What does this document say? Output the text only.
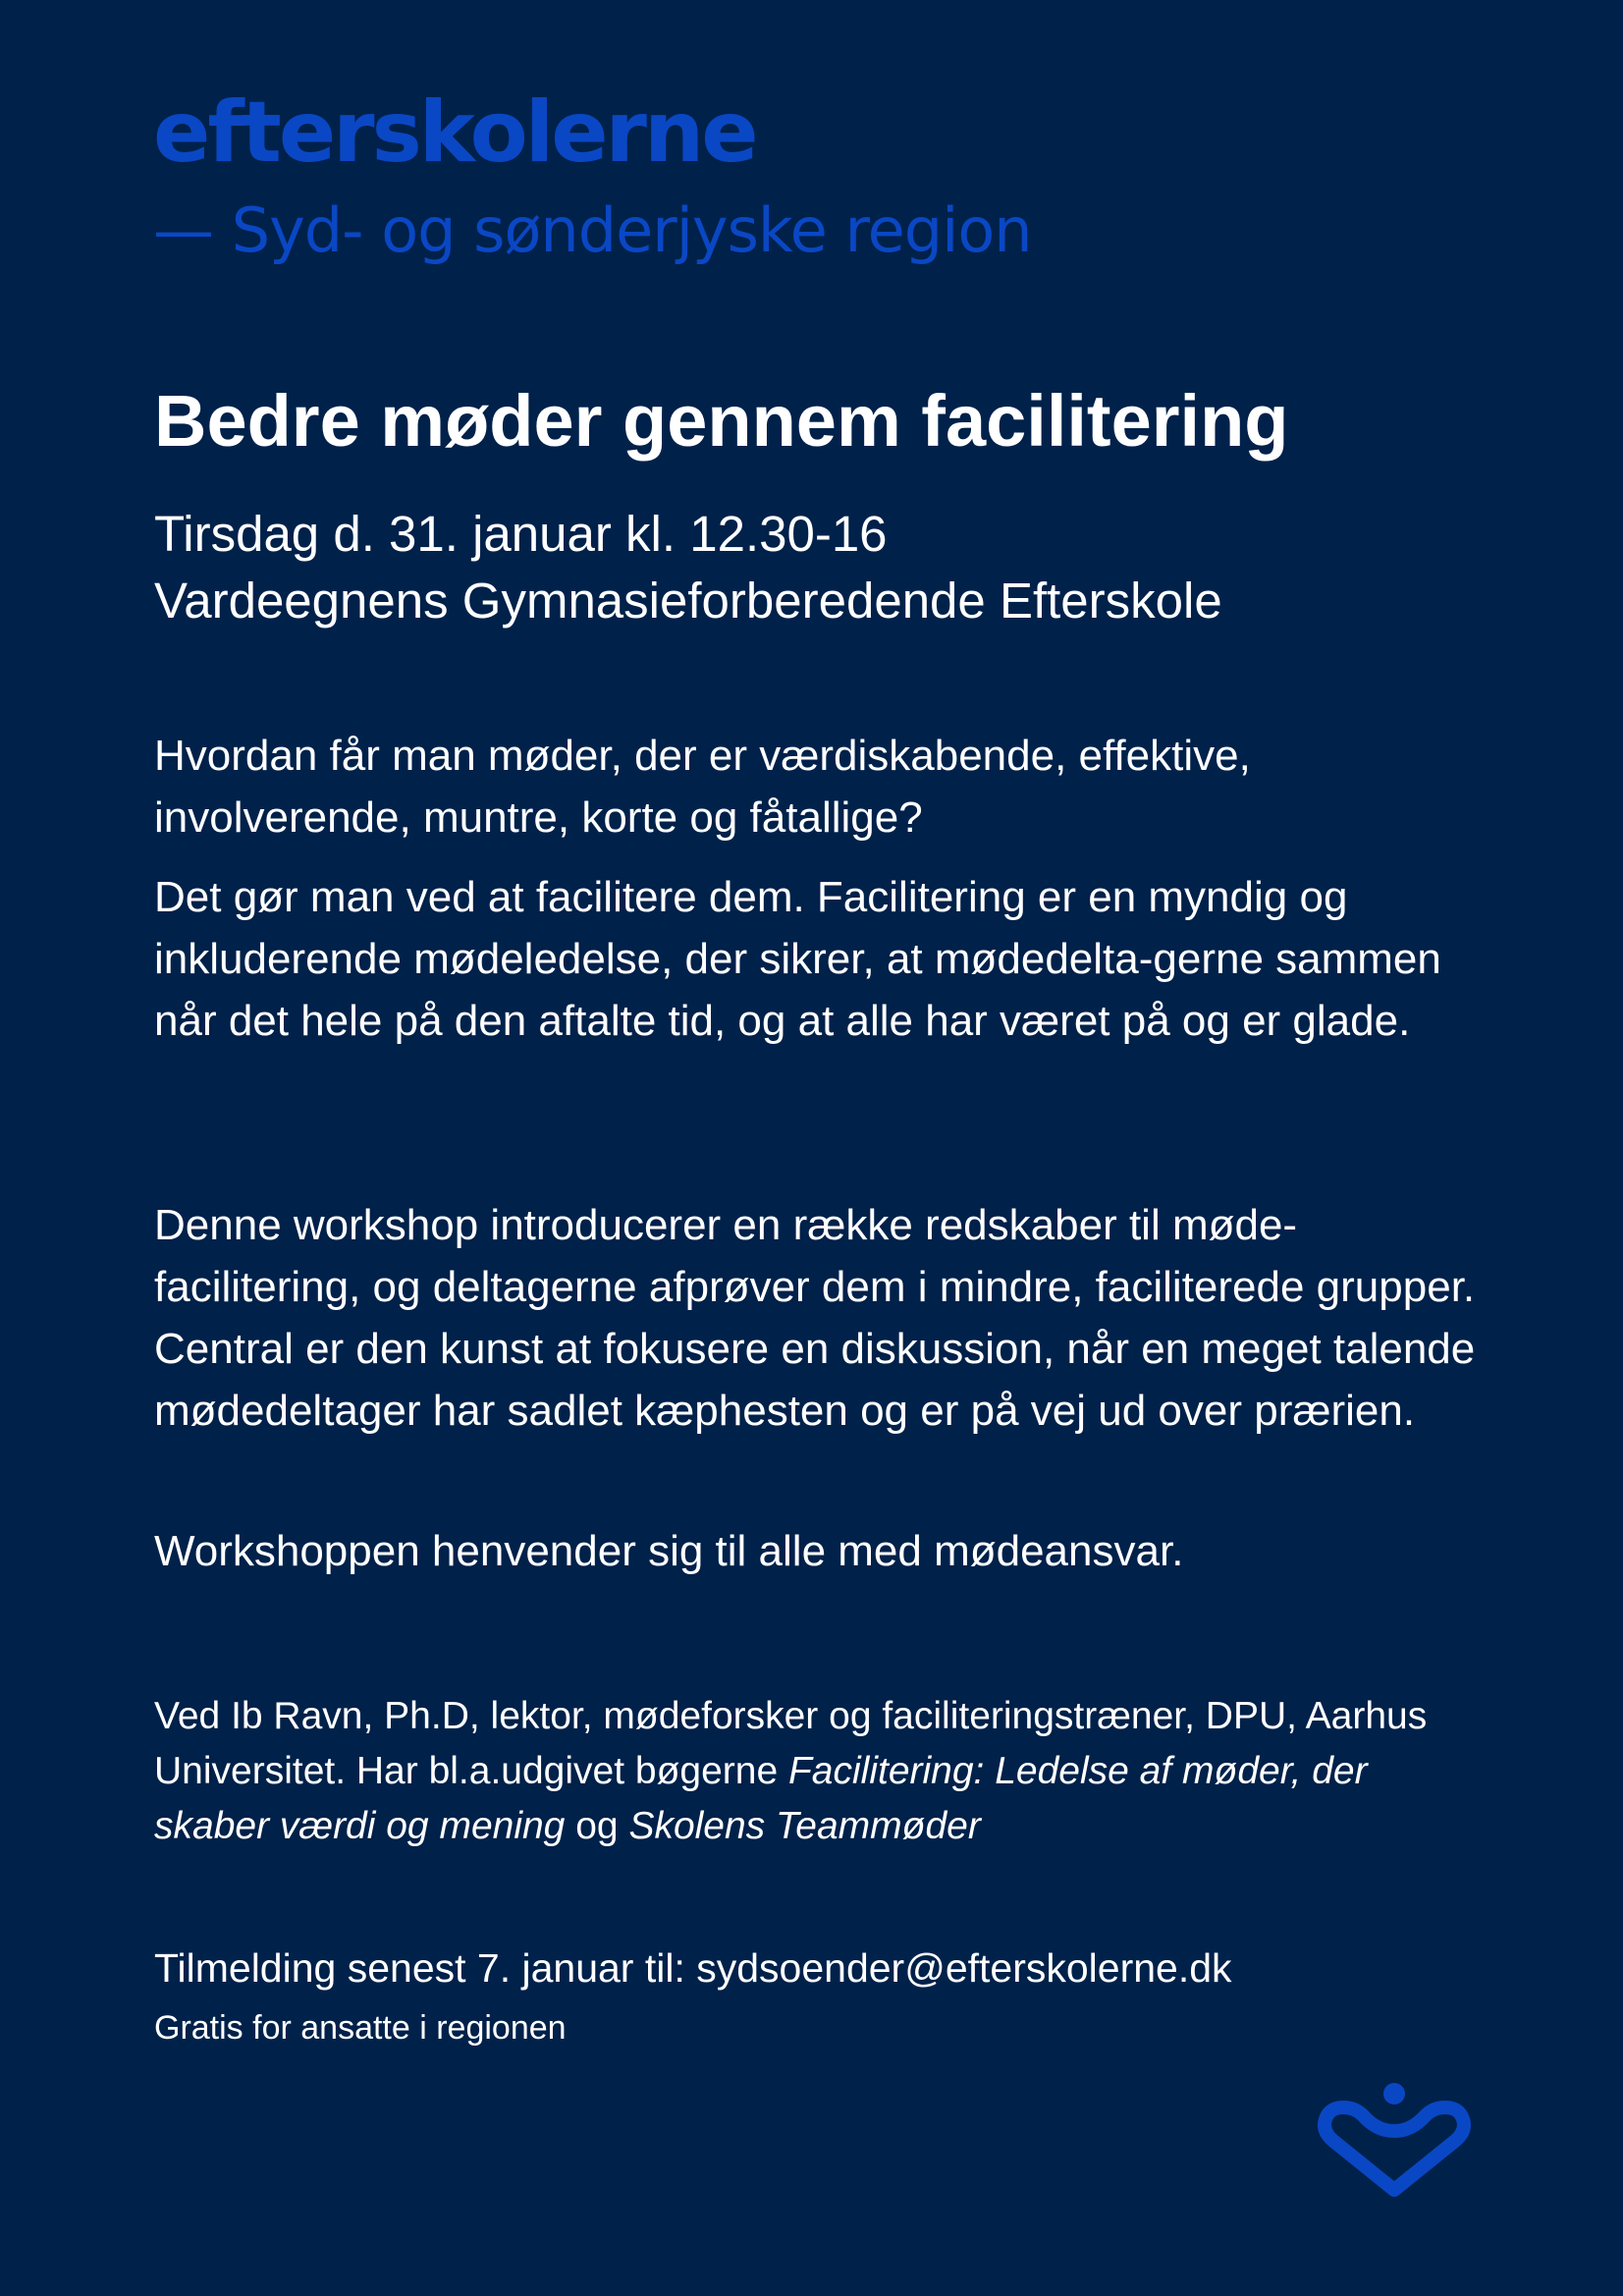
efterskolerne
— Syd- og sønderjyske region
Bedre møder gennem facilitering
Tirsdag d. 31. januar kl. 12.30-16
Vardeegnens Gymnasieforberedende Efterskole

Hvordan får man møder, der er værdiskabende, effektive, involverende, muntre, korte og fåtallige?

Det gør man ved at facilitere dem. Facilitering er en myndig og inkluderende mødeledelse, der sikrer, at mødedelta-gerne sammen når det hele på den aftalte tid, og at alle har været på og er glade.

Denne workshop introducerer en række redskaber til møde-facilitering, og deltagerne afprøver dem i mindre, faciliterede grupper. Central er den kunst at fokusere en diskussion, når en meget talende mødedeltager har sadlet kæphesten og er på vej ud over prærien.

Workshoppen henvender sig til alle med mødeansvar.

Ved Ib Ravn, Ph.D, lektor, mødeforsker og faciliteringstræner, DPU, Aarhus Universitet. Har bl.a.udgivet bøgerne Facilitering: Ledelse af møder, der skaber værdi og mening og Skolens Teammøder

Tilmelding senest 7. januar til: sydsoender@efterskolerne.dk
Gratis for ansatte i regionen
